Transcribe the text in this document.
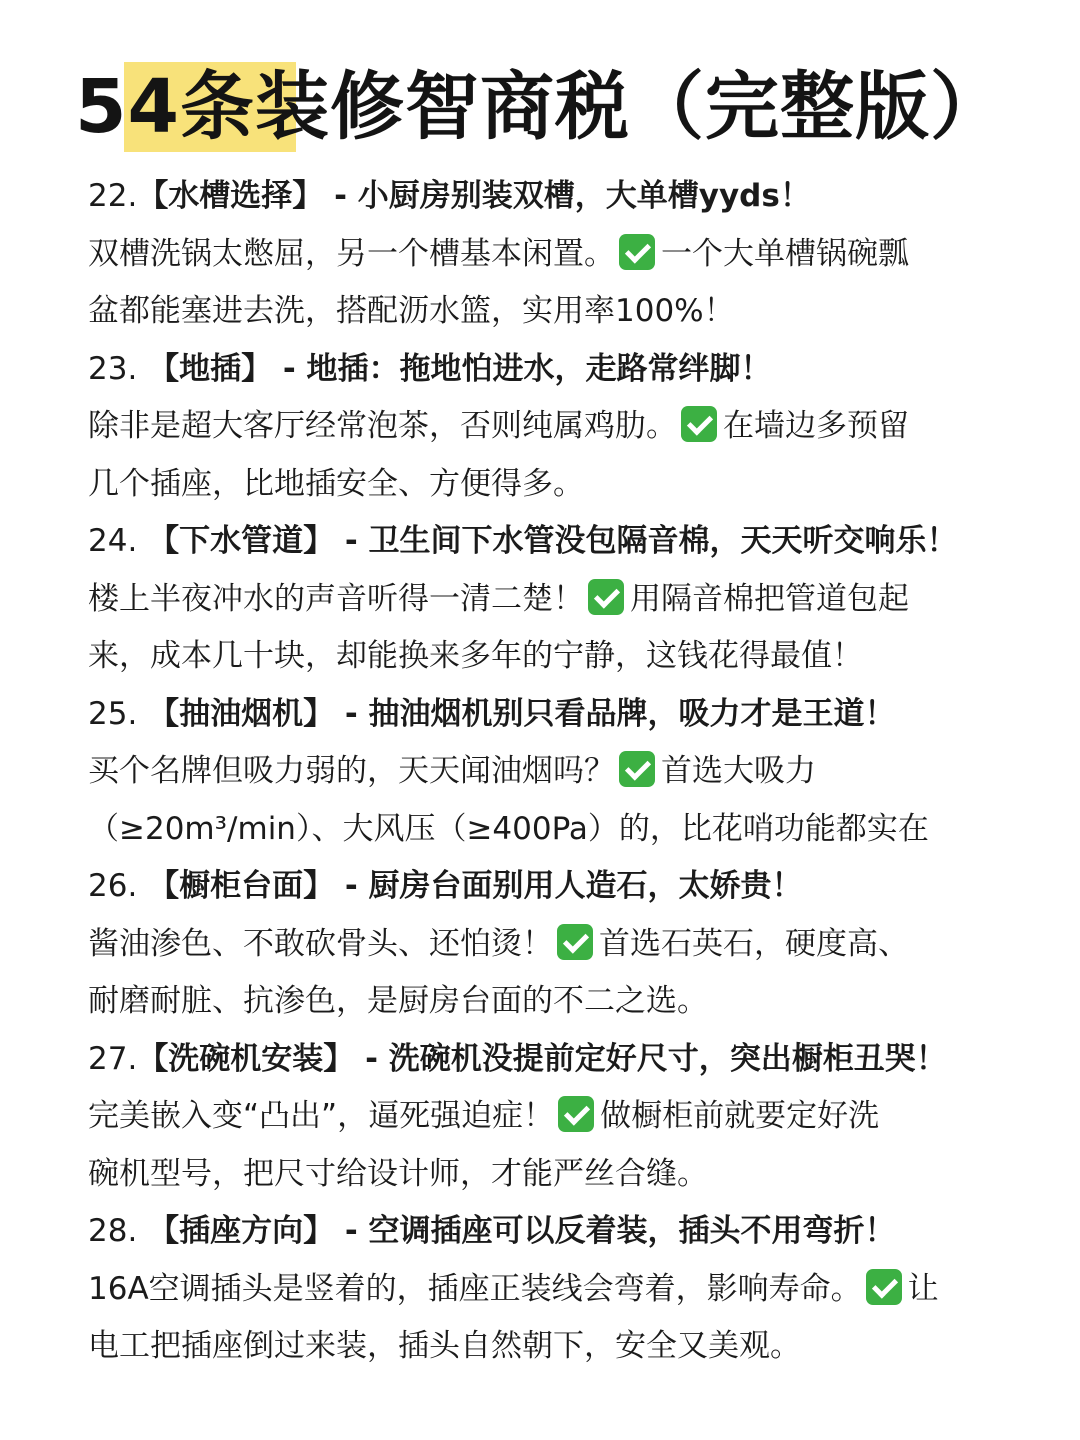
54条装修智商税（完整版）
22.【水槽选择】 - 小厨房别装双槽，大单槽yyds！
双槽洗锅太憋屈，另一个槽基本闲置。 一个大单槽锅碗瓢
盆都能塞进去洗，搭配沥水篮，实用率100%！
23. 【地插】 - 地插：拖地怕进水，走路常绊脚！
除非是超大客厅经常泡茶，否则纯属鸡肋。 在墙边多预留
几个插座，比地插安全、方便得多。
24. 【下水管道】 - 卫生间下水管没包隔音棉，天天听交响乐！
楼上半夜冲水的声音听得一清二楚！ 用隔音棉把管道包起
来，成本几十块，却能换来多年的宁静，这钱花得最值！
25. 【抽油烟机】 - 抽油烟机别只看品牌，吸力才是王道！
买个名牌但吸力弱的，天天闻油烟吗？ 首选大吸力
（≥20m³/min）、大风压（≥400Pa）的，比花哨功能都实在
26. 【橱柜台面】 - 厨房台面别用人造石，太娇贵！
酱油渗色、不敢砍骨头、还怕烫！ 首选石英石，硬度高、
耐磨耐脏、抗渗色，是厨房台面的不二之选。
27.【洗碗机安装】 - 洗碗机没提前定好尺寸，突出橱柜丑哭！
完美嵌入变“凸出”，逼死强迫症！ 做橱柜前就要定好洗
碗机型号，把尺寸给设计师，才能严丝合缝。
28. 【插座方向】 - 空调插座可以反着装，插头不用弯折！
16A空调插头是竖着的，插座正装线会弯着，影响寿命。 让
电工把插座倒过来装，插头自然朝下，安全又美观。
